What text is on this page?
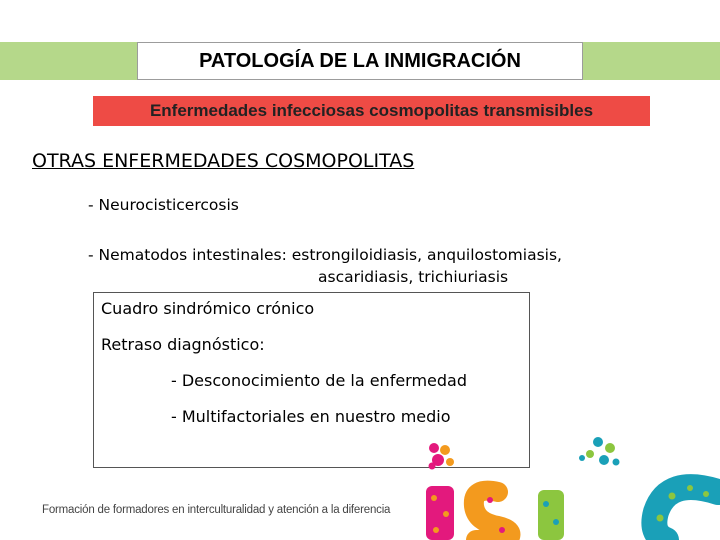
PATOLOGÍA DE LA INMIGRACIÓN
Enfermedades infecciosas cosmopolitas transmisibles
OTRAS ENFERMEDADES COSMOPOLITAS
- Neurocisticercosis
- Nematodos intestinales: estrongiloidiasis, anquilostomiasis,
ascaridiasis, trichiuriasis
Cuadro sindrómico crónico
Retraso diagnóstico:
- Desconocimiento de la enfermedad
- Multifactoriales en nuestro medio
Formación de formadores en interculturalidad y atención a la diferencia
